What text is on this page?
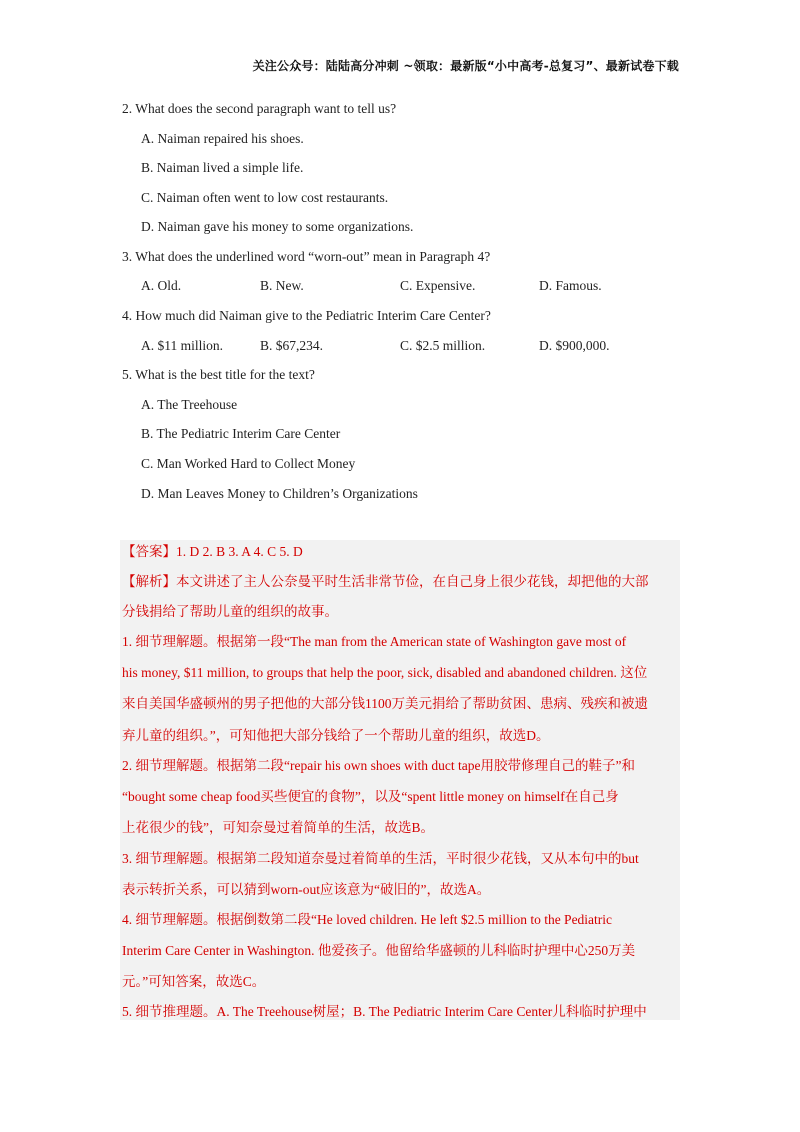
关注公众号：陆陆高分冲刺 ~领取：最新版“小中高考-总复习”、最新试卷下载
2. What does the second paragraph want to tell us?
A. Naiman repaired his shoes.
B. Naiman lived a simple life.
C. Naiman often went to low cost restaurants.
D. Naiman gave his money to some organizations.
3. What does the underlined word “worn-out” mean in Paragraph 4?
A. Old.	B. New.	C. Expensive.	D. Famous.
4. How much did Naiman give to the Pediatric Interim Care Center?
A. $11 million.	B. $67,234.	C. $2.5 million.	D. $900,000.
5. What is the best title for the text?
A. The Treehouse
B. The Pediatric Interim Care Center
C. Man Worked Hard to Collect Money
D. Man Leaves Money to Children’s Organizations
【答案】1. D 2. B 3. A 4. C 5. D
【解析】本文讲述了主人公奈曼平时生活非常节俭，在自己身上很少花钱，却把他的大部
分钱捐给了帮助儿童的组织的故事。
1. 细节理解题。根据第一段“The man from the American state of Washington gave most of
his money, $11 million, to groups that help the poor, sick, disabled and abandoned children. 这位
来自美国华盛顿州的男子把他的大部分钱1100万美元捐给了帮助贫困、患病、残疾和被遗
弃儿童的组织。”，可知他把大部分钱给了一个帮助儿童的组织，故选D。
2. 细节理解题。根据第二段“repair his own shoes with duct tape用胶带修理自己的鞋子”和
“bought some cheap food买些便宜的食物”，以及“spent little money on himself在自己身
上花很少的钱”，可知奈曼过着简单的生活，故选B。
3. 细节理解题。根据第二段知道奈曼过着简单的生活，平时很少花钱，又从本句中的but
表示转折关系，可以猜到worn-out应该意为“破旧的”，故选A。
4. 细节理解题。根据倒数第二段“He loved children. He left $2.5 million to the Pediatric
Interim Care Center in Washington. 他爱孩子。他留给华盛顿的儿科临时护理中心250万美
元。”可知答案，故选C。
5. 细节推理题。A. The Treehouse树屋；B. The Pediatric Interim Care Center儿科临时护理中
